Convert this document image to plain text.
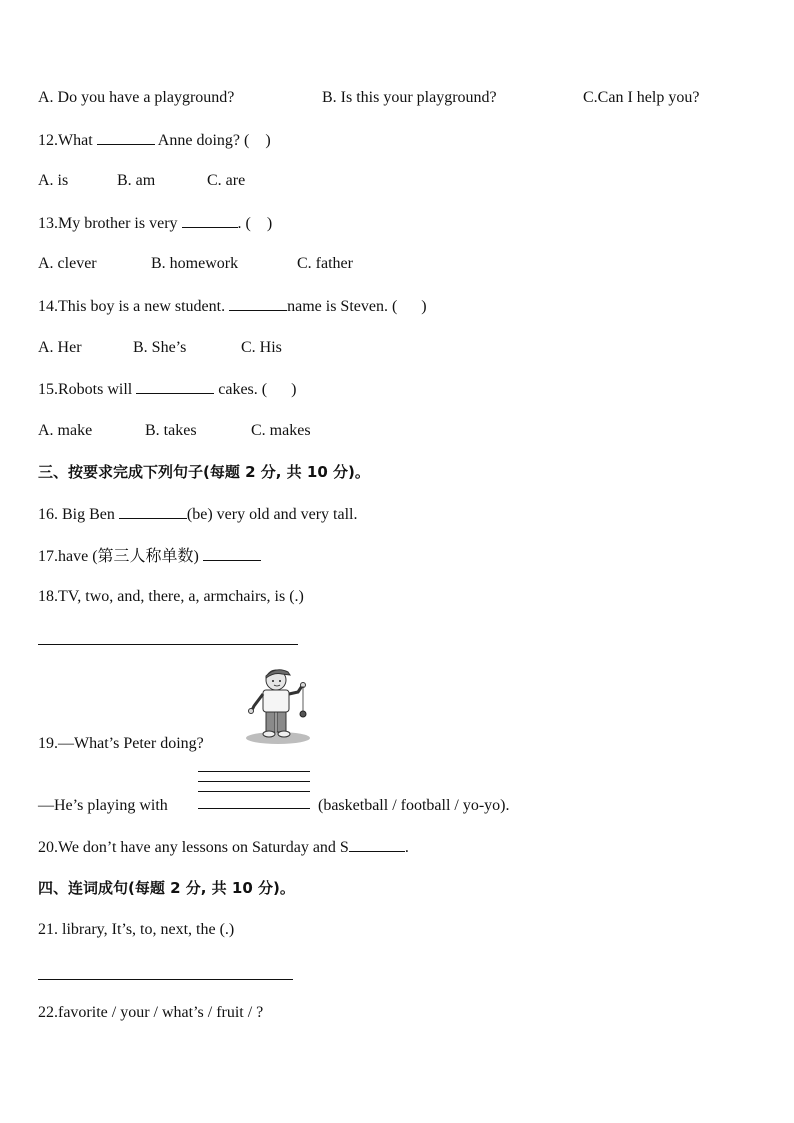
A. Do you have a playground?	B. Is this your playground?	C.Can I help you?
12.What	Anne doing? (  )
A. is	B. am	C. are
13.My brother is very	. (  )
A. clever	B. homework	C. father
14.This boy is a new student.	name is Steven. (   )
A. Her	B. She’s	C. His
15.Robots will	cakes. (   )
A. make	B. takes	C. makes
三、按要求完成下列句子(每题 2 分, 共 10 分)。
16. Big Ben	(be) very old and very tall.
17.have (第三人称单数)
18.TV, two, and, there, a, armchairs, is (.)
19.—What’s Peter doing?
—He’s playing with	(basketball / football / yo-yo).
20.We don’t have any lessons on Saturday and S	.
四、连词成句(每题 2 分, 共 10 分)。
21. library, It’s, to, next, the (.)
22.favorite / your / what’s / fruit / ?
